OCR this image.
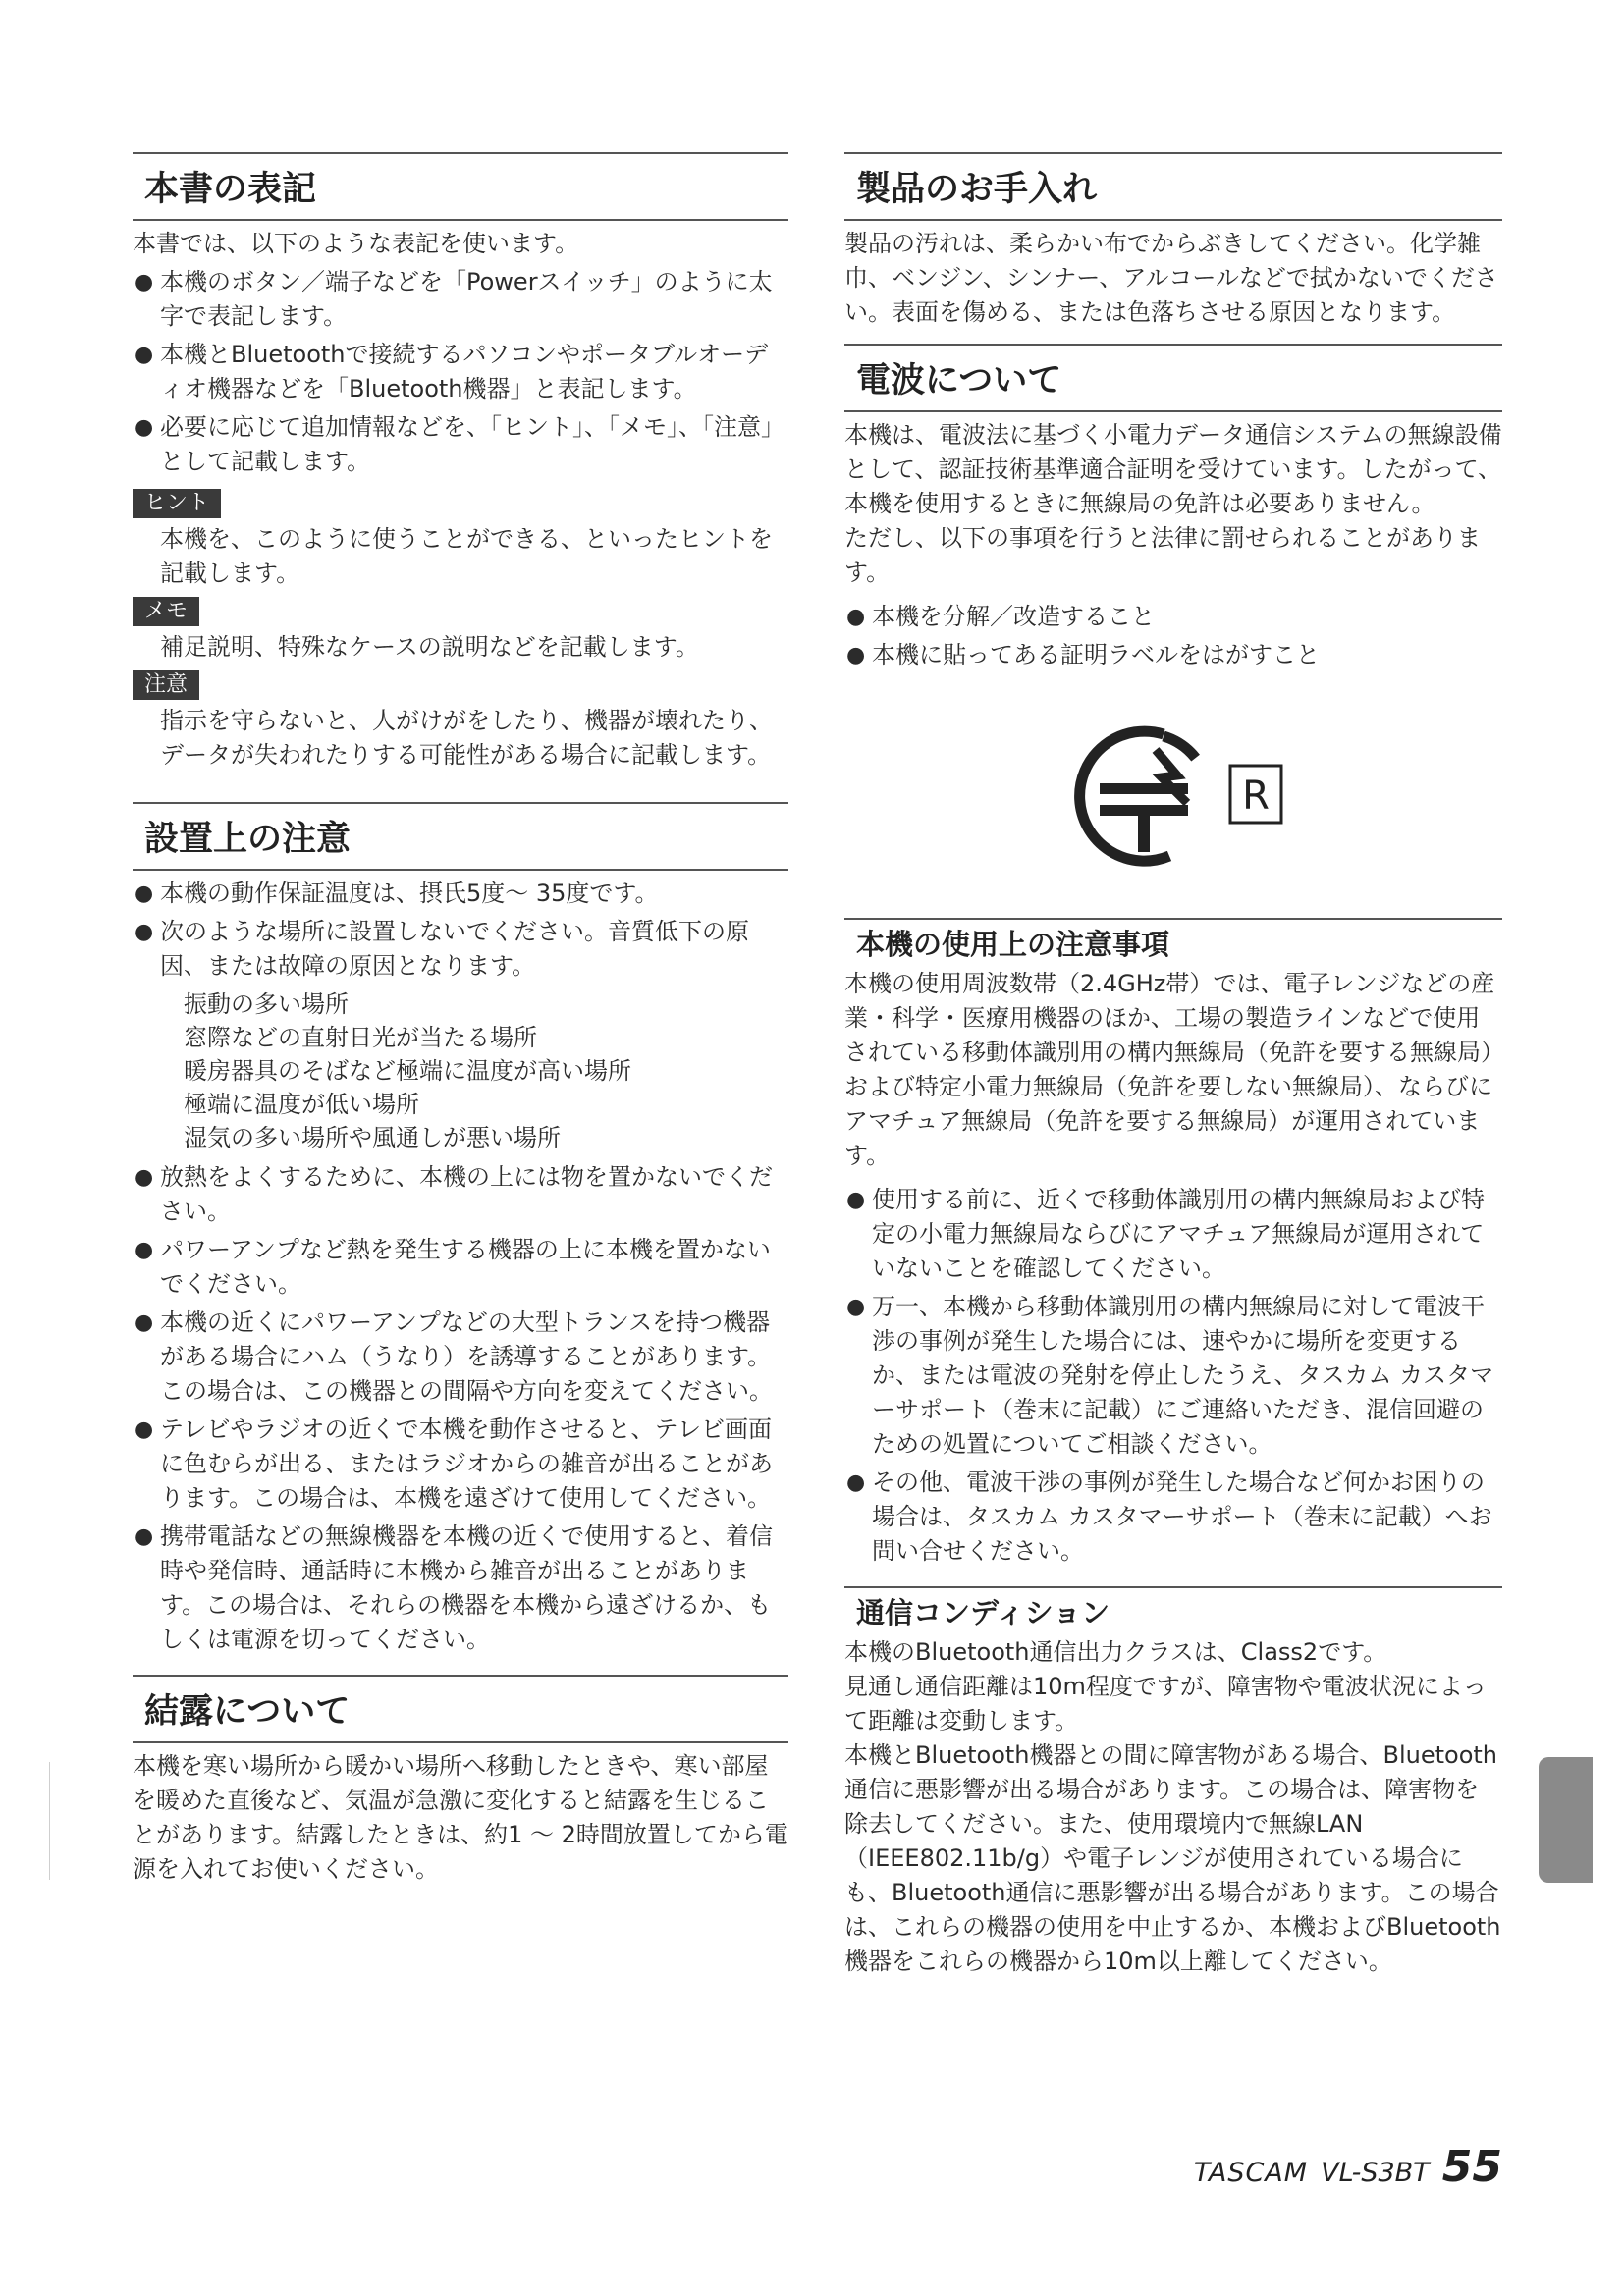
本書の表記

本書では、以下のような表記を使います。

● 本機のボタン／端子などを「Powerスイッチ」のように太字で表記します。
● 本機とBluetoothで接続するパソコンやポータブルオーディオ機器などを「Bluetooth機器」と表記します。
● 必要に応じて追加情報などを、「ヒント」、「メモ」、「注意」として記載します。
ヒント
本機を、このように使うことができる、といったヒントを記載します。
メモ
補足説明、特殊なケースの説明などを記載します。
注意
指示を守らないと、人がけがをしたり、機器が壊れたり、データが失われたりする可能性がある場合に記載します。
設置上の注意
● 本機の動作保証温度は、摂氏5度～ 35度です。
● 次のような場所に設置しないでください。音質低下の原因、または故障の原因となります。
振動の多い場所
窓際などの直射日光が当たる場所
暖房器具のそばなど極端に温度が高い場所
極端に温度が低い場所
湿気の多い場所や風通しが悪い場所
● 放熱をよくするために、本機の上には物を置かないでください。
● パワーアンプなど熱を発生する機器の上に本機を置かないでください。
● 本機の近くにパワーアンプなどの大型トランスを持つ機器がある場合にハム（うなり）を誘導することがあります。この場合は、この機器との間隔や方向を変えてください。
● テレビやラジオの近くで本機を動作させると、テレビ画面に色むらが出る、またはラジオからの雑音が出ることがあります。この場合は、本機を遠ざけて使用してください。
● 携帯電話などの無線機器を本機の近くで使用すると、着信時や発信時、通話時に本機から雑音が出ることがあります。この場合は、それらの機器を本機から遠ざけるか、もしくは電源を切ってください。
結露について

本機を寒い場所から暖かい場所へ移動したときや、寒い部屋を暖めた直後など、気温が急激に変化すると結露を生じることがあります。結露したときは、約1 ～ 2時間放置してから電源を入れてお使いください。

製品のお手入れ

製品の汚れは、柔らかい布でからぶきしてください。化学雑巾、ベンジン、シンナー、アルコールなどで拭かないでください。表面を傷める、または色落ちさせる原因となります。

電波について

本機は、電波法に基づく小電力データ通信システムの無線設備として、認証技術基準適合証明を受けています。したがって、本機を使用するときに無線局の免許は必要ありません。

ただし、以下の事項を行うと法律に罰せられることがあります。

● 本機を分解／改造すること
● 本機に貼ってある証明ラベルをはがすこと
R
本機の使用上の注意事項

本機の使用周波数帯（2.4GHz帯）では、電子レンジなどの産業・科学・医療用機器のほか、工場の製造ラインなどで使用されている移動体識別用の構内無線局（免許を要する無線局）および特定小電力無線局（免許を要しない無線局）、ならびにアマチュア無線局（免許を要する無線局）が運用されています。

● 使用する前に、近くで移動体識別用の構内無線局および特定の小電力無線局ならびにアマチュア無線局が運用されていないことを確認してください。
● 万一、本機から移動体識別用の構内無線局に対して電波干渉の事例が発生した場合には、速やかに場所を変更するか、または電波の発射を停止したうえ、タスカム カスタマーサポート（巻末に記載）にご連絡いただき、混信回避のための処置についてご相談ください。
● その他、電波干渉の事例が発生した場合など何かお困りの場合は、タスカム カスタマーサポート（巻末に記載）へお問い合せください。
通信コンディション

本機のBluetooth通信出力クラスは、Class2です。

見通し通信距離は10m程度ですが、障害物や電波状況によって距離は変動します。

本機とBluetooth機器との間に障害物がある場合、Bluetooth通信に悪影響が出る場合があります。この場合は、障害物を除去してください。また、使用環境内で無線LAN（IEEE802.11b/g）や電子レンジが使用されている場合にも、Bluetooth通信に悪影響が出る場合があります。この場合は、これらの機器の使用を中止するか、本機およびBluetooth機器をこれらの機器から10m以上離してください。

TASCAM VL-S3BT 55
